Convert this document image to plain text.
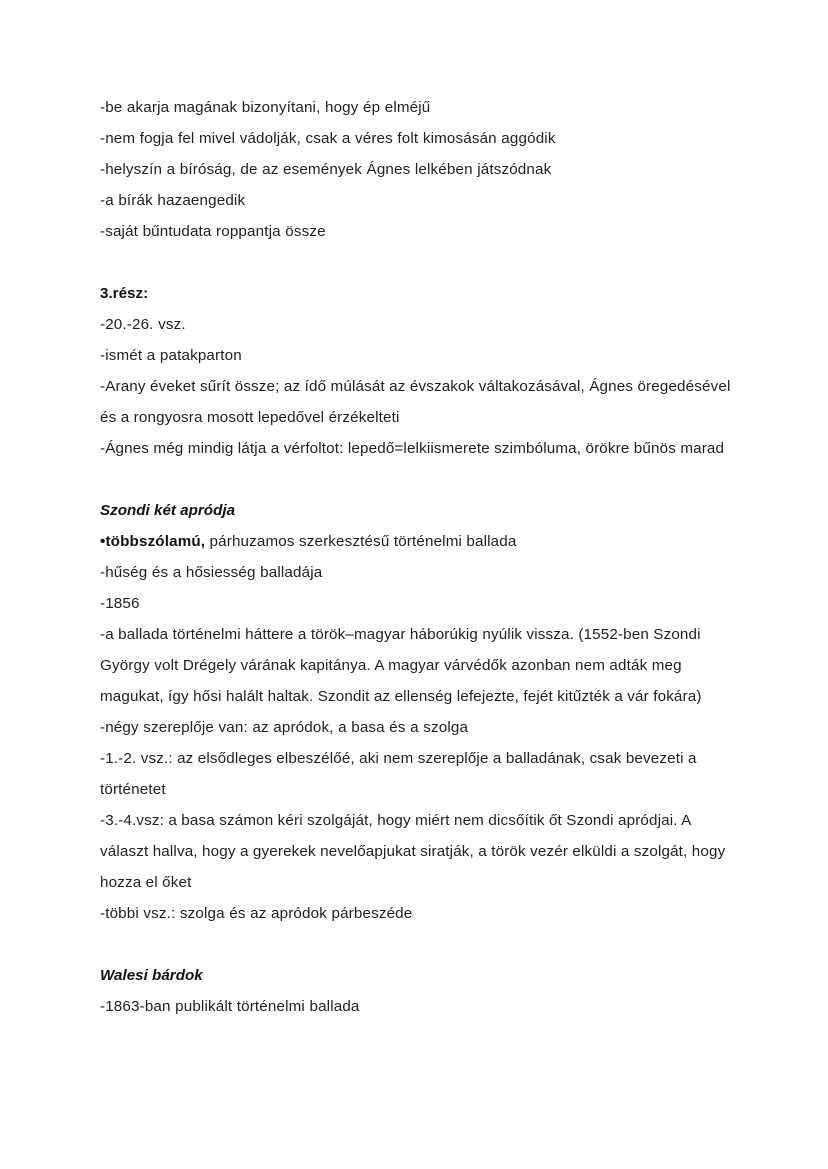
-be akarja magának bizonyítani, hogy ép elméjű
-nem fogja fel mivel vádolják, csak a véres folt kimosásán aggódik
-helyszín a bíróság, de az események Ágnes lelkében játszódnak
-a bírák hazaengedik
-saját bűntudata roppantja össze
3.rész:
-20.-26. vsz.
-ismét a patakparton
-Arany éveket sűrít össze; az ídő múlását az évszakok váltakozásával, Ágnes öregedésével és a rongyosra mosott lepedővel érzékelteti
-Ágnes még mindig látja a vérfoltot: lepedő=lelkiismerete szimbóluma, örökre bűnös marad
Szondi két apródja
•többszólamú, párhuzamos szerkesztésű történelmi ballada
-hűség és a hősiesség balladája
-1856
-a ballada történelmi háttere a török–magyar háborúkig nyúlik vissza. (1552-ben Szondi György volt Drégely várának kapitánya. A magyar várvédők azonban nem adták meg magukat, így hősi halált haltak. Szondit az ellenség lefejezte, fejét kitűzték a vár fokára)
-négy szereplője van: az apródok, a basa és a szolga
-1.-2. vsz.: az elsődleges elbeszélőé, aki nem szereplője a balladának, csak bevezeti a történetet
-3.-4.vsz: a basa számon kéri szolgáját, hogy miért nem dicsőítik őt Szondi apródjai. A választ hallva, hogy a gyerekek nevelőapjukat siratják, a török vezér elküldi a szolgát, hogy hozza el őket
-többi vsz.: szolga és az apródok párbeszéde
Walesi bárdok
-1863-ban publikált történelmi ballada
